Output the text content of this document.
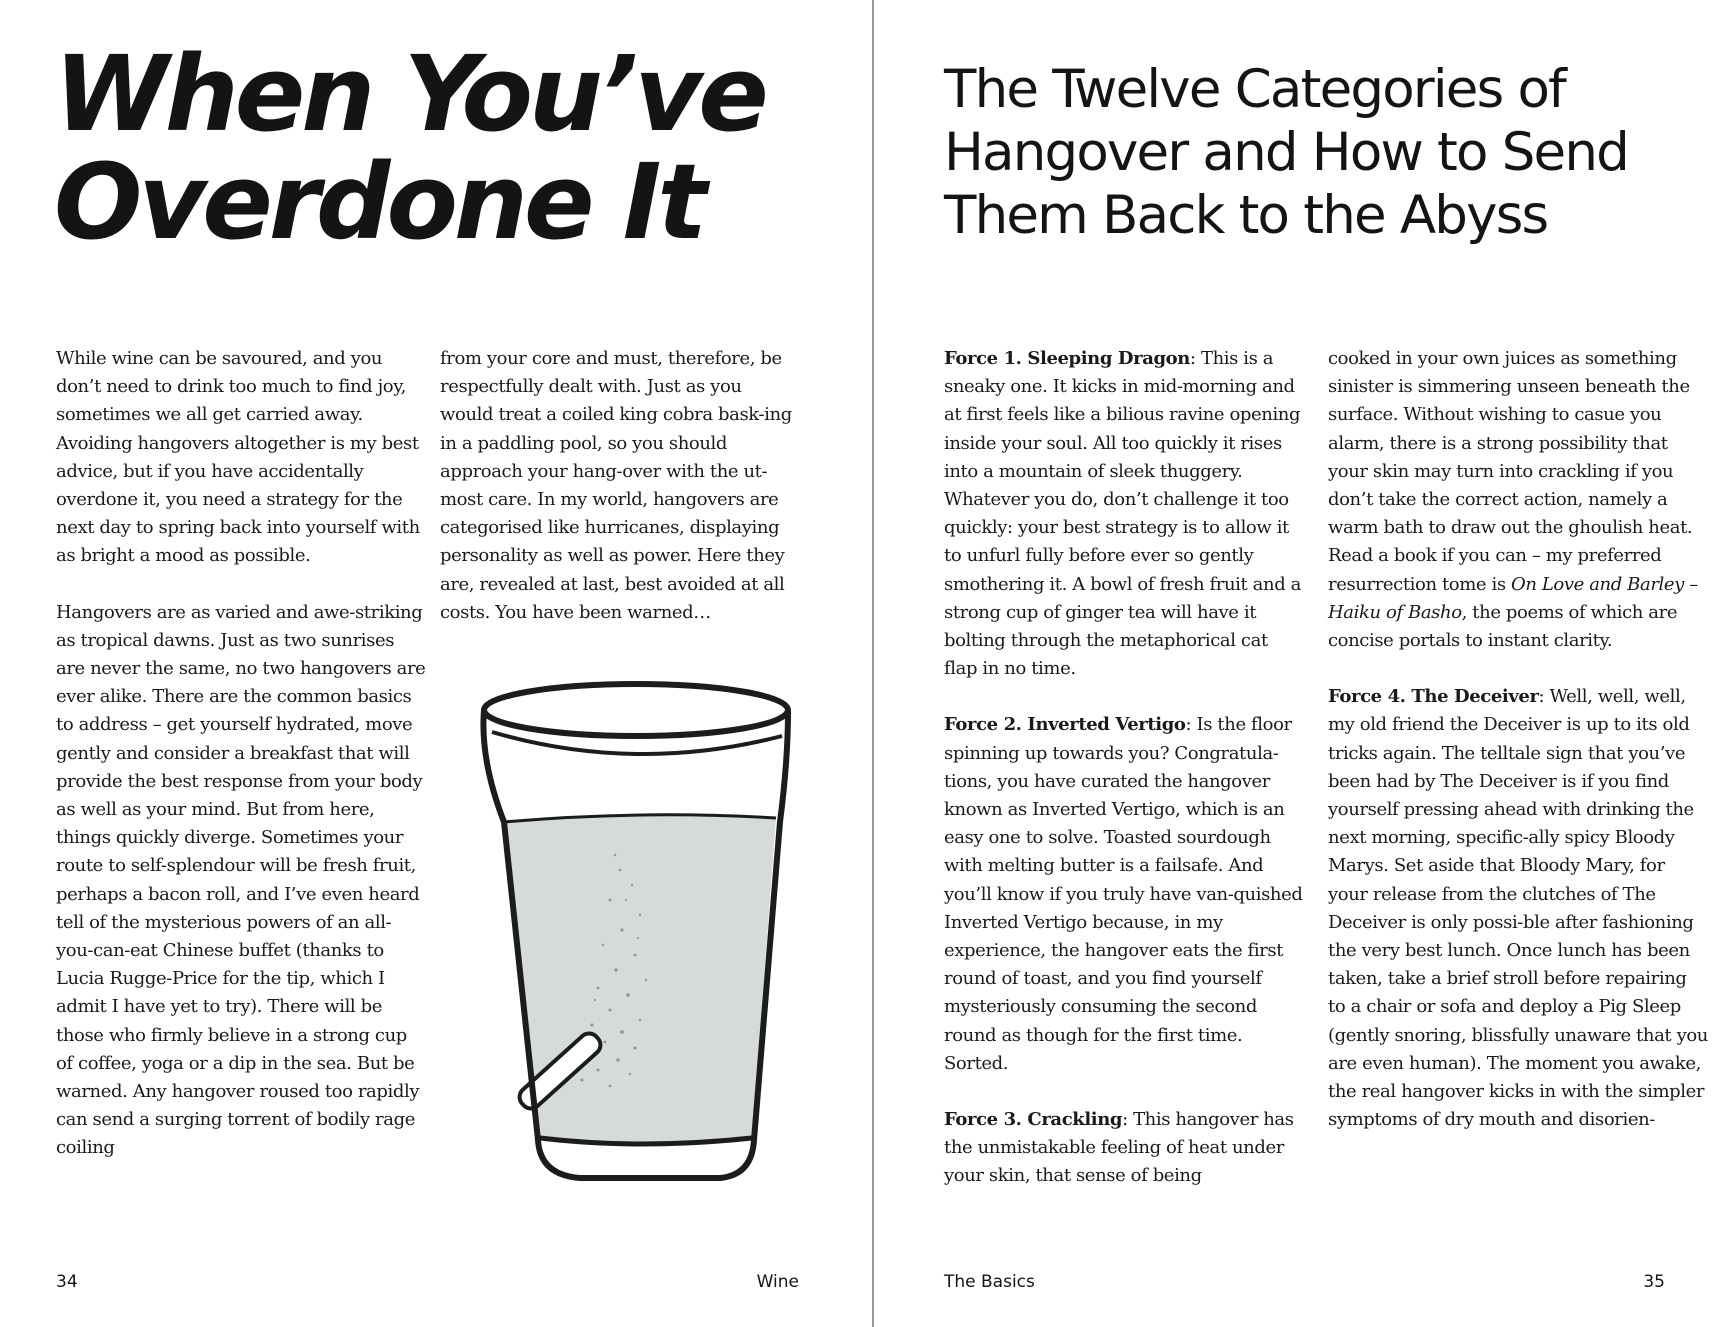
When You’ve
Overdone It

While wine can be savoured, and you don’t need to drink too much to find joy, sometimes we all get carried away. Avoiding hangovers altogether is my best advice, but if you have accidentally overdone it, you need a strategy for the next day to spring back into yourself with as bright a mood as possible.

Hangovers are as varied and awe-striking as tropical dawns. Just as two sunrises are never the same, no two hangovers are ever alike. There are the common basics to address – get yourself hydrated, move gently and consider a breakfast that will provide the best response from your body as well as your mind. But from here, things quickly diverge. Sometimes your route to self-splendour will be fresh fruit, perhaps a bacon roll, and I’ve even heard tell of the mysterious powers of an all-you-can-eat Chinese buffet (thanks to Lucia Rugge-Price for the tip, which I admit I have yet to try). There will be those who firmly believe in a strong cup of coffee, yoga or a dip in the sea. But be warned. Any hangover roused too rapidly can send a surging torrent of bodily rage coiling

from your core and must, therefore, be respectfully dealt with. Just as you would treat a coiled king cobra bask-ing in a paddling pool, so you should approach your hang-over with the ut-most care. In my world, hangovers are categorised like hurricanes, displaying personality as well as power. Here they are, revealed at last, best avoided at all costs. You have been warned…

34	Wine
The Twelve Categories of
Hangover and How to Send
Them Back to the Abyss

Force 1. Sleeping Dragon: This is a sneaky one. It kicks in mid-morning and at first feels like a bilious ravine opening inside your soul. All too quickly it rises into a mountain of sleek thuggery. Whatever you do, don’t challenge it too quickly: your best strategy is to allow it to unfurl fully before ever so gently smothering it. A bowl of fresh fruit and a strong cup of ginger tea will have it bolting through the metaphorical cat flap in no time.

Force 2. Inverted Vertigo: Is the floor spinning up towards you? Congratula-tions, you have curated the hangover known as Inverted Vertigo, which is an easy one to solve. Toasted sourdough with melting butter is a failsafe. And you’ll know if you truly have van-quished Inverted Vertigo because, in my experience, the hangover eats the first round of toast, and you find yourself mysteriously consuming the second round as though for the first time. Sorted.

Force 3. Crackling: This hangover has the unmistakable feeling of heat under your skin, that sense of being

cooked in your own juices as something sinister is simmering unseen beneath the surface. Without wishing to casue you alarm, there is a strong possibility that your skin may turn into crackling if you don’t take the correct action, namely a warm bath to draw out the ghoulish heat. Read a book if you can – my preferred resurrection tome is On Love and Barley – Haiku of Basho, the poems of which are concise portals to instant clarity.

Force 4. The Deceiver: Well, well, well, my old friend the Deceiver is up to its old tricks again. The telltale sign that you’ve been had by The Deceiver is if you find yourself pressing ahead with drinking the next morning, specific-ally spicy Bloody Marys. Set aside that Bloody Mary, for your release from the clutches of The Deceiver is only possi-ble after fashioning the very best lunch. Once lunch has been taken, take a brief stroll before repairing to a chair or sofa and deploy a Pig Sleep (gently snoring, blissfully unaware that you are even human). The moment you awake, the real hangover kicks in with the simpler symptoms of dry mouth and disorien-

The Basics	35
